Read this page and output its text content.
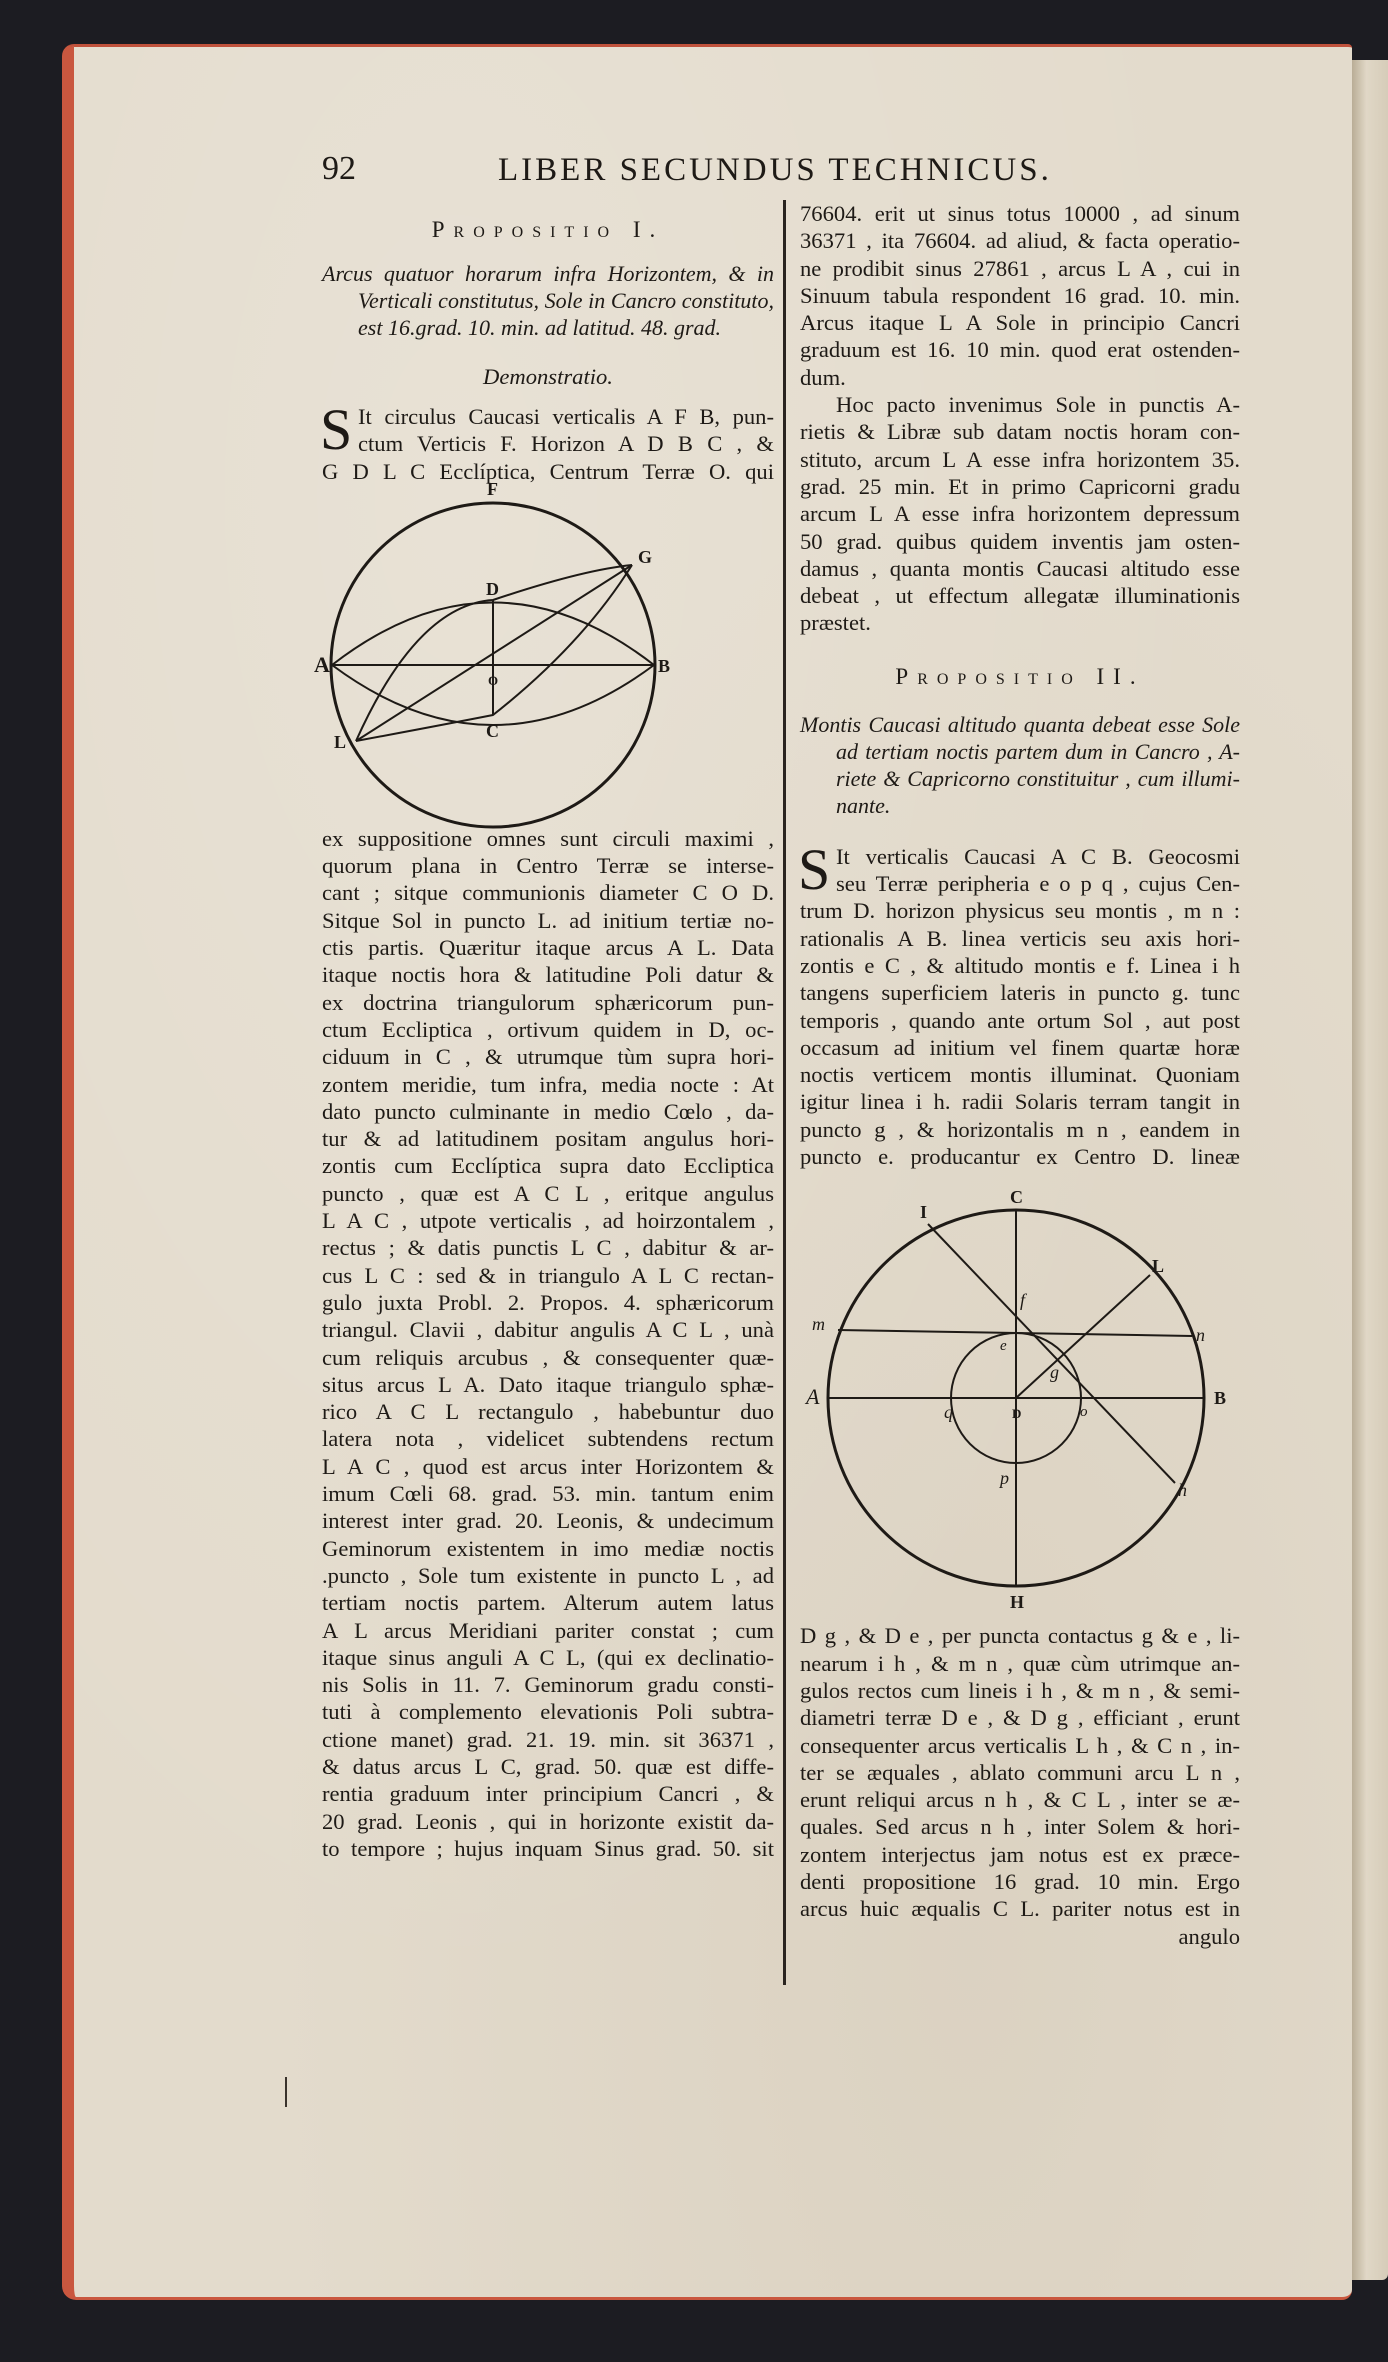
92	LIBER SECUNDUS TECHNICUS.
Propositio I.
Arcus quatuor horarum infra Horizontem, & in
Verticali constitutus, Sole in Cancro constituto,
est 16.grad. 10. min. ad latitud. 48. grad.
Demonstratio.
S It circulus Caucasi verticalis A F B, pun-
ctum Verticis F. Horizon A D B C , &
G D L C Ecclíptica, Centrum Terræ O. qui
F
G
D
A
O
B
C
L
ex suppositione omnes sunt circuli maximi ,
quorum plana in Centro Terræ se interse-
cant ; sitque communionis diameter C O D.
Sitque Sol in puncto L. ad initium tertiæ no-
ctis partis. Quæritur itaque arcus A L. Data
itaque noctis hora & latitudine Poli datur &
ex doctrina triangulorum sphæricorum pun-
ctum Eccliptica , ortivum quidem in D, oc-
ciduum in C , & utrumque tùm supra hori-
zontem meridie, tum infra, media nocte : At
dato puncto culminante in medio Cœlo , da-
tur & ad latitudinem positam angulus hori-
zontis cum Ecclíptica supra dato Eccliptica
puncto , quæ est A C L , eritque angulus
L A C , utpote verticalis , ad hoirzontalem ,
rectus ; & datis punctis L C , dabitur & ar-
cus L C : sed & in triangulo A L C rectan-
gulo juxta Probl. 2. Propos. 4. sphæricorum
triangul. Clavii , dabitur angulis A C L , unà
cum reliquis arcubus , & consequenter quæ-
situs arcus L A. Dato itaque triangulo sphæ-
rico A C L rectangulo , habebuntur duo
latera nota , videlicet subtendens rectum
L A C , quod est arcus inter Horizontem &
imum Cœli 68. grad. 53. min. tantum enim
interest inter grad. 20. Leonis, & undecimum
Geminorum existentem in imo mediæ noctis
.puncto , Sole tum existente in puncto L , ad
tertiam noctis partem. Alterum autem latus
A L arcus Meridiani pariter constat ; cum
itaque sinus anguli A C L, (qui ex declinatio-
nis Solis in 11. 7. Geminorum gradu consti-
tuti à complemento elevationis Poli subtra-
ctione manet) grad. 21. 19. min. sit 36371 ,
& datus arcus L C, grad. 50. quæ est diffe-
rentia graduum inter principium Cancri , &
20 grad. Leonis , qui in horizonte existit da-
to tempore ; hujus inquam Sinus grad. 50. sit
76604. erit ut sinus totus 10000 , ad sinum
36371 , ita 76604. ad aliud, & facta operatio-
ne prodibit sinus 27861 , arcus L A , cui in
Sinuum tabula respondent 16 grad. 10. min.
Arcus itaque L A Sole in principio Cancri
graduum est 16. 10 min. quod erat ostenden-
dum.
Hoc pacto invenimus Sole in punctis A-
rietis & Libræ sub datam noctis horam con-
stituto, arcum L A esse infra horizontem 35.
grad. 25 min. Et in primo Capricorni gradu
arcum L A esse infra horizontem depressum
50 grad. quibus quidem inventis jam osten-
damus , quanta montis Caucasi altitudo esse
debeat , ut effectum allegatæ illuminationis
præstet.
Propositio II.
Montis Caucasi altitudo quanta debeat esse Sole
ad tertiam noctis partem dum in Cancro , A-
riete & Capricorno constituitur , cum illumi-
nante.
S It verticalis Caucasi A C B. Geocosmi
seu Terræ peripheria e o p q , cujus Cen-
trum D. horizon physicus seu montis , m n :
rationalis A B. linea verticis seu axis hori-
zontis e C , & altitudo montis e f. Linea i h
tangens superficiem lateris in puncto g. tunc
temporis , quando ante ortum Sol , aut post
occasum ad initium vel finem quartæ horæ
noctis verticem montis illuminat. Quoniam
igitur linea i h. radii Solaris terram tangit in
puncto g , & horizontalis m n , eandem in
puncto e. producantur ex Centro D. lineæ
C
I
L
f
m
n
e
g
A
q	D	o
B
p
h
H
D g , & D e , per puncta contactus g & e , li-
nearum i h , & m n , quæ cùm utrimque an-
gulos rectos cum lineis i h , & m n , & semi-
diametri terræ D e , & D g , efficiant , erunt
consequenter arcus verticalis L h , & C n , in-
ter se æquales , ablato communi arcu L n ,
erunt reliqui arcus n h , & C L , inter se æ-
quales. Sed arcus n h , inter Solem & hori-
zontem interjectus jam notus est ex præce-
denti propositione 16 grad. 10 min. Ergo
arcus huic æqualis C L. pariter notus est in
angulo
